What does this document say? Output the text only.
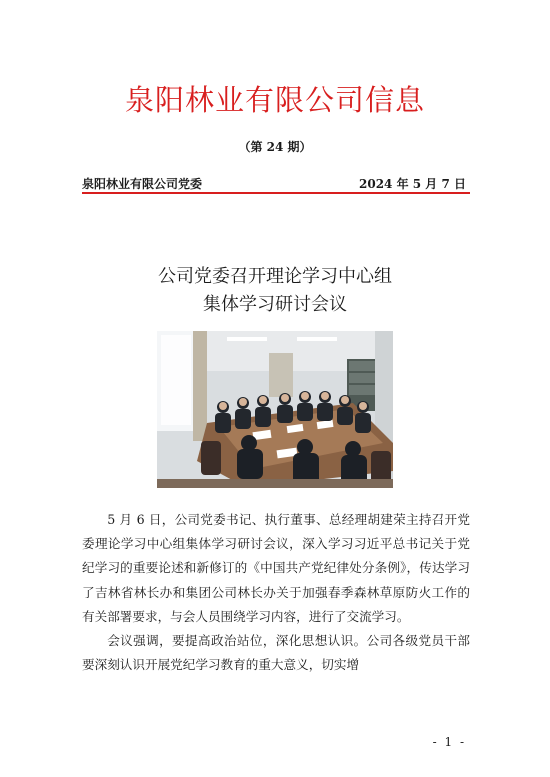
泉阳林业有限公司信息
（第 24 期）
泉阳林业有限公司党委	2024 年 5 月 7 日
公司党委召开理论学习中心组
集体学习研讨会议

5 月 6 日，公司党委书记、执行董事、总经理胡建荣主持召开党委理论学习中心组集体学习研讨会议，深入学习习近平总书记关于党纪学习的重要论述和新修订的《中国共产党纪律处分条例》，传达学习了吉林省林长办和集团公司林长办关于加强春季森林草原防火工作的有关部署要求，与会人员围绕学习内容，进行了交流学习。

会议强调，要提高政治站位，深化思想认识。公司各级党员干部要深刻认识开展党纪学习教育的重大意义，切实增

- 1 -
